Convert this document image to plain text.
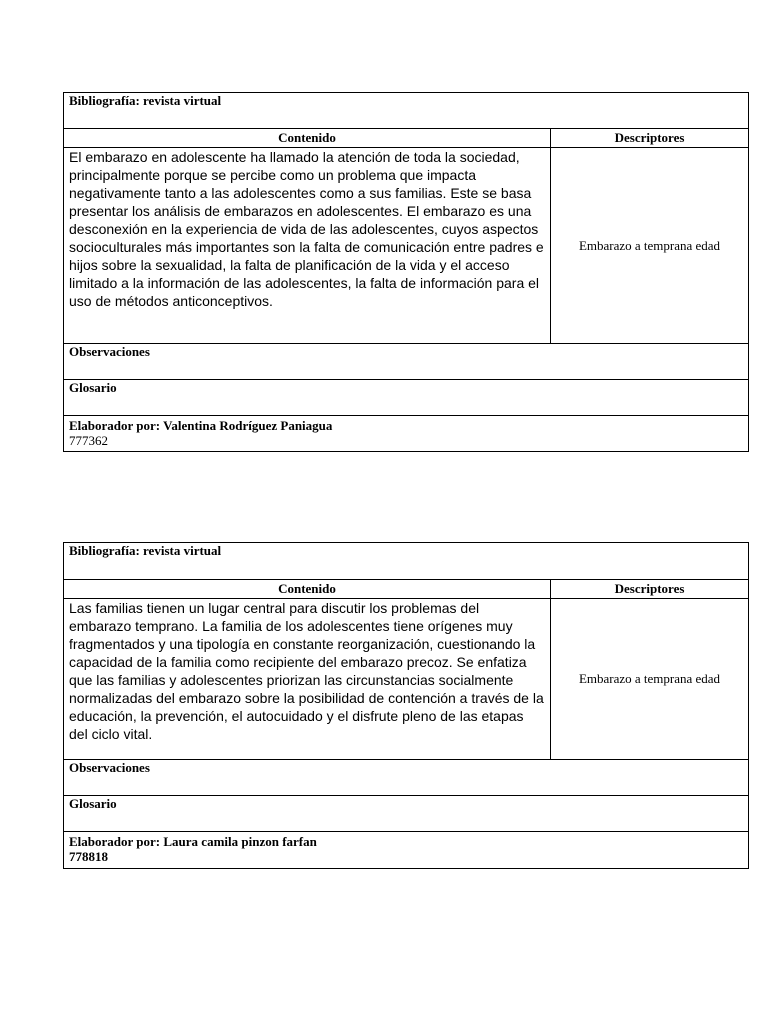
Bibliografía: revista virtual	
Contenido	Descriptores
El embarazo en adolescente ha llamado la atención de toda la sociedad, principalmente porque se percibe como un problema que impacta negativamente tanto a las adolescentes como a sus familias. Este se basa presentar los análisis de embarazos en adolescentes. El embarazo es una desconexión en la experiencia de vida de las adolescentes, cuyos aspectos socioculturales más importantes son la falta de comunicación entre padres e hijos sobre la sexualidad, la falta de planificación de la vida y el acceso limitado a la información de las adolescentes, la falta de información para el uso de métodos anticonceptivos.	Embarazo a temprana edad
Observaciones	
Glosario	

Elaborador por: Valentina Rodríguez Paniagua
777362	
Bibliografía: revista virtual	
Contenido	Descriptores
Las familias tienen un lugar central para discutir los problemas del embarazo temprano. La familia de los adolescentes tiene orígenes muy fragmentados y una tipología en constante reorganización, cuestionando la capacidad de la familia como recipiente del embarazo precoz. Se enfatiza que las familias y adolescentes priorizan las circunstancias socialmente normalizadas del embarazo sobre la posibilidad de contención a través de la educación, la prevención, el autocuidado y el disfrute pleno de las etapas del ciclo vital.	Embarazo a temprana edad
Observaciones	
Glosario	

Elaborador por: Laura camila pinzon farfan
778818	
